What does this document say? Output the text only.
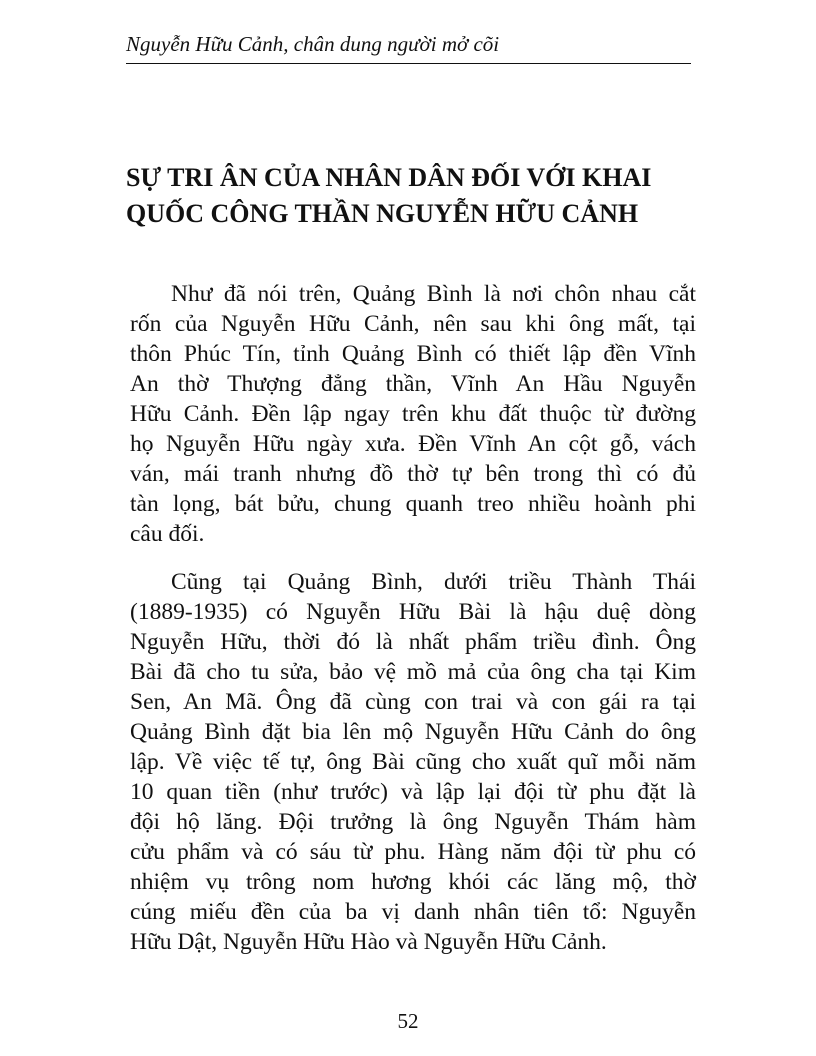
Nguyễn Hữu Cảnh, chân dung người mở cõi
SỰ TRI ÂN CỦA NHÂN DÂN ĐỐI VỚI KHAI
QUỐC CÔNG THẦN NGUYỄN HỮU CẢNH
Như đã nói trên, Quảng Bình là nơi chôn nhau cắt
rốn của Nguyễn Hữu Cảnh, nên sau khi ông mất, tại
thôn Phúc Tín, tỉnh Quảng Bình có thiết lập đền Vĩnh
An thờ Thượng đẳng thần, Vĩnh An Hầu Nguyễn
Hữu Cảnh. Đền lập ngay trên khu đất thuộc từ đường
họ Nguyễn Hữu ngày xưa. Đền Vĩnh An cột gỗ, vách
ván, mái tranh nhưng đồ thờ tự bên trong thì có đủ
tàn lọng, bát bửu, chung quanh treo nhiều hoành phi
câu đối.
Cũng tại Quảng Bình, dưới triều Thành Thái
(1889-1935) có Nguyễn Hữu Bài là hậu duệ dòng
Nguyễn Hữu, thời đó là nhất phẩm triều đình. Ông
Bài đã cho tu sửa, bảo vệ mồ mả của ông cha tại Kim
Sen, An Mã. Ông đã cùng con trai và con gái ra tại
Quảng Bình đặt bia lên mộ Nguyễn Hữu Cảnh do ông
lập. Về việc tế tự, ông Bài cũng cho xuất quĩ mỗi năm
10 quan tiền (như trước) và lập lại đội từ phu đặt là
đội hộ lăng. Đội trưởng là ông Nguyễn Thám hàm
cửu phẩm và có sáu từ phu. Hàng năm đội từ phu có
nhiệm vụ trông nom hương khói các lăng mộ, thờ
cúng miếu đền của ba vị danh nhân tiên tổ: Nguyễn
Hữu Dật, Nguyễn Hữu Hào và Nguyễn Hữu Cảnh.
52
